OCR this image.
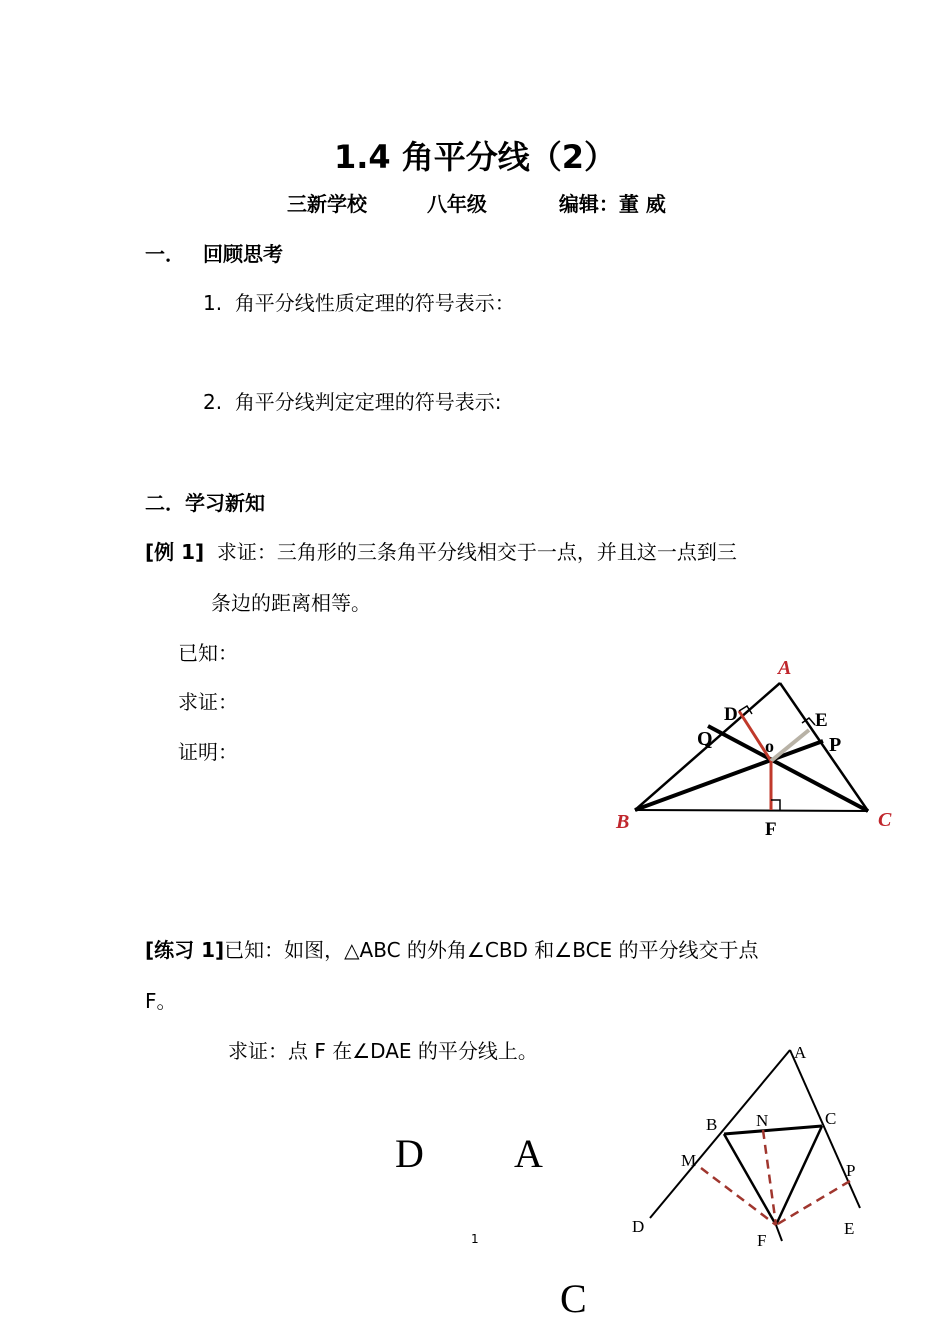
1.4 角平分线（2）
三新学校	八年级	编辑：董 威
一． 回顾思考
1. 角平分线性质定理的符号表示：
2. 角平分线判定定理的符号表示:
二．学习新知
[例 1] 求证：三角形的三条角平分线相交于一点，并且这一点到三
条边的距离相等。
已知：
求证：
证明：
A
B	C
D	E
F
o	P
Q
[练习 1]已知：如图，△ABC 的外角∠CBD 和∠BCE 的平分线交于点
F。
求证：点 F 在∠DAE 的平分线上。	A
B	C
D	E
F
M
N
P
D A
C
1
